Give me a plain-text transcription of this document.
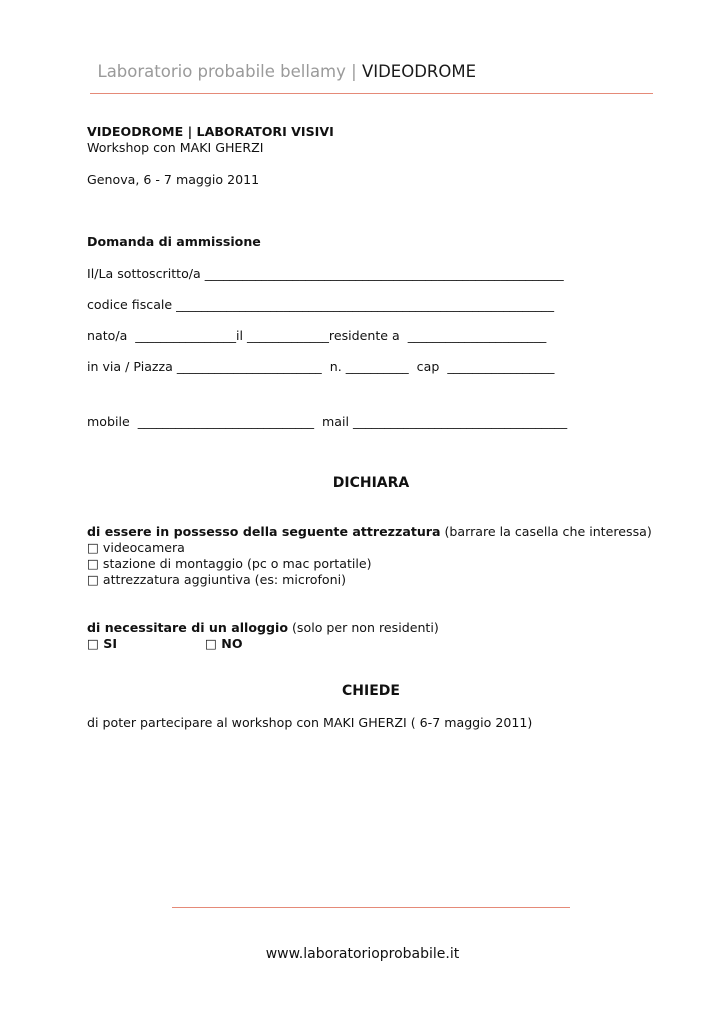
Laboratorio probabile bellamy | VIDEODROME

VIDEODROME | LABORATORI VISIVI
Workshop con MAKI GHERZI
Genova, 6 - 7 maggio 2011
Domanda di ammissione
Il/La sottoscritto/a _________________________________________________________
codice fiscale ____________________________________________________________
nato/a  ________________il _____________residente a  ______________________
in via / Piazza _______________________  n. __________  cap  _________________
mobile  ____________________________  mail __________________________________
DICHIARA
di essere in possesso della seguente attrezzatura (barrare la casella che interessa)
□ videocamera
□ stazione di montaggio (pc o mac portatile)
□ attrezzatura aggiuntiva (es: microfoni)
di necessitare di un alloggio (solo per non residenti)
□ SI	□ NO
CHIEDE
di poter partecipare al workshop con MAKI GHERZI ( 6-7 maggio 2011)
www.laboratorioprobabile.it
